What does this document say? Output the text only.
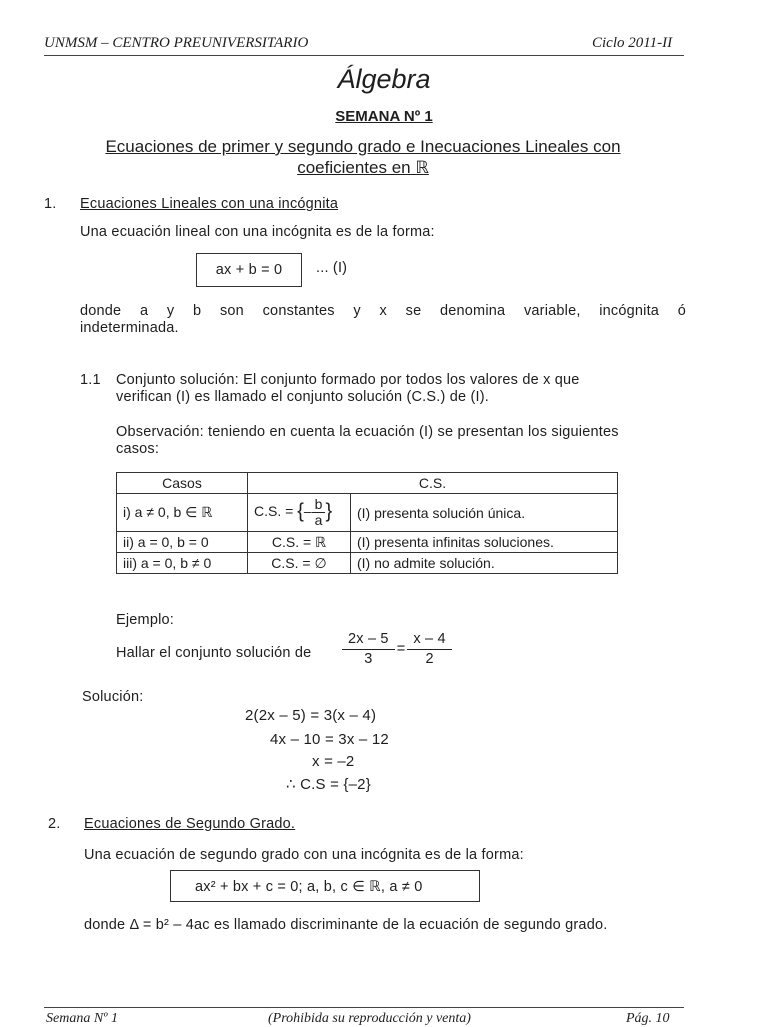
UNMSM – CENTRO PREUNIVERSITARIO	Ciclo 2011-II
Álgebra
SEMANA Nº 1
Ecuaciones de primer y segundo grado e Inecuaciones Lineales con
coeficientes en ℝ
1. Ecuaciones Lineales con una incógnita
Una ecuación lineal con una incógnita es de la forma:
ax + b = 0	... (I)
donde a y b son constantes y x se denomina variable, incógnita ó
indeterminada.
1.1 Conjunto solución: El conjunto formado por todos los valores de x que
verifican (I) es llamado el conjunto solución (C.S.) de (I).
Observación: teniendo en cuenta la ecuación (I) se presentan los siguientes
casos:
Casos	C.S.	
i) a ≠ 0, b ∈ ℝ	C.S. = {– $\frac{b}{a}$ }	(I) presenta solución única.
ii) a = 0, b = 0	C.S. = ℝ	(I) presenta infinitas soluciones.
iii) a = 0, b ≠ 0	C.S. = ∅	(I) no admite solución.
Ejemplo:
Hallar el conjunto solución de $\frac{2x - 5}{3} = \frac{x - 4}{2}$
Solución:
2(2x – 5) = 3(x – 4)
4x – 10 = 3x – 12
x = –2
∴ C.S = {–2}
2. Ecuaciones de Segundo Grado.
Una ecuación de segundo grado con una incógnita es de la forma:
ax² + bx + c = 0; a, b, c ∈ ℝ, a ≠ 0
donde Δ = b² – 4ac es llamado discriminante de la ecuación de segundo grado.
Semana Nº 1	(Prohibida su reproducción y venta)	Pág. 10
